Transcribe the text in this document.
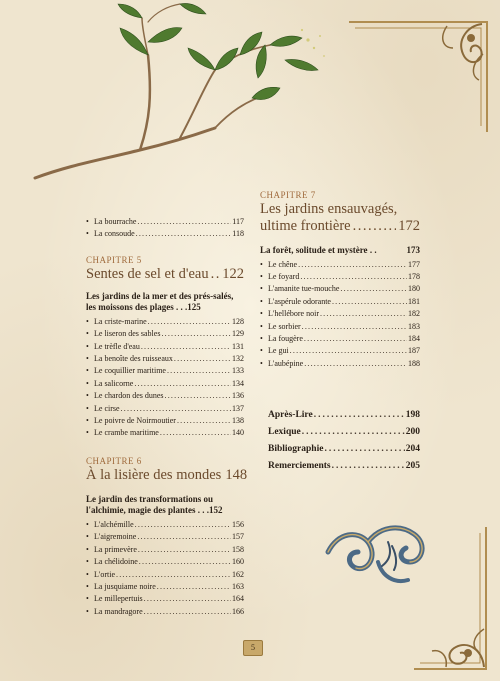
• La bourrache .....	117
• La consoude .....	118
CHAPITRE 5
Sentes de sel et d'eau ..... 122
Les jardins de la mer et des prés-salés, les moissons des plages . . .125
• La criste-marine .....	128
• Le liseron des sables .....	129
• Le trèfle d'eau .....	131
• La benoîte des ruisseaux .....	132
• Le coquillier maritime .....	133
• La salicorne .....	134
• Le chardon des dunes .....	136
• Le cirse .....	137
• Le poivre de Noirmoutier .....	138
• Le crambe maritime .....	140
CHAPITRE 6
À la lisière des mondes 148
Le jardin des transformations ou l'alchimie, magie des plantes . . .152
• L'alchémille .....	156
• L'aigremoine .....	157
• La primevère .....	158
• La chélidoine .....	160
• L'ortie .....	162
• La jusquiame noire .....	163
• Le millepertuis .....	164
• La mandragore .....	166
CHAPITRE 7
Les jardins ensauvagés,
ultime frontière .....	172
La forêt, solitude et mystère . .	173
• Le chêne .....	177
• Le foyard .....	178
• L'amanite tue-mouche .....	180
• L'aspérule odorante .....	181
• L'hellébore noir .....	182
• Le sorbier .....	183
• La fougère .....	184
• Le gui .....	187
• L'aubépine .....	188
Après-Lire .....	198
Lexique .....	200
Bibliographie .....	204
Remerciements .....	205
5
